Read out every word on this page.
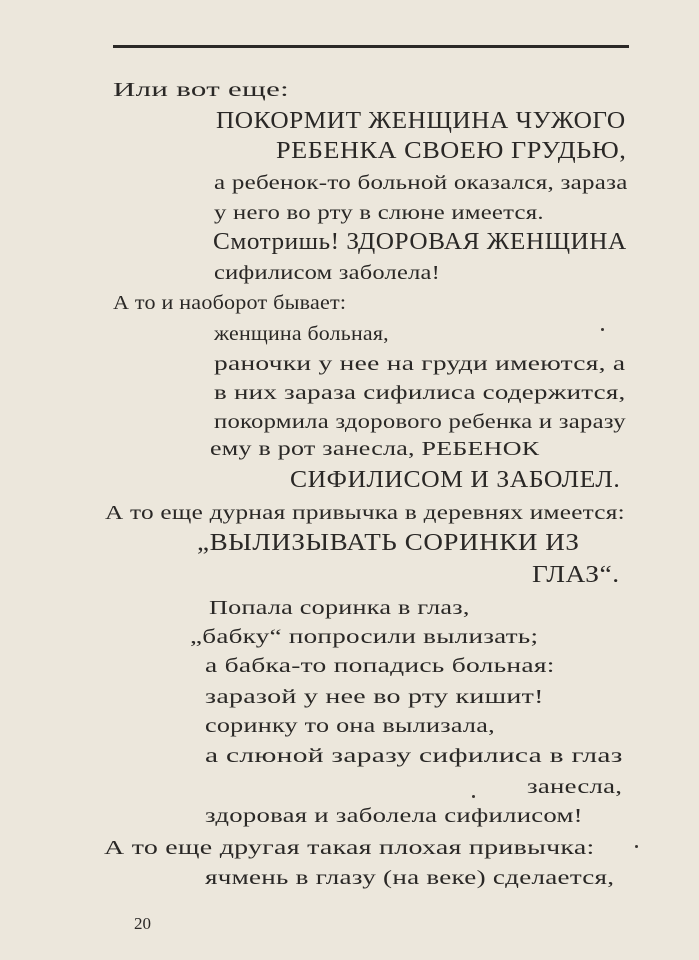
Или вот еще:
ПОКОРМИТ ЖЕНЩИНА ЧУЖОГО
РЕБЕНКА СВОЕЮ ГРУДЬЮ,
а ребенок-то больной оказался, зараза
у него во рту в слюне имеется.
Смотришь! ЗДОРОВАЯ ЖЕНЩИНА
сифилисом заболела!
А то и наоборот бывает:
женщина больная,
раночки у нее на груди имеются, а
в них зараза сифилиса содержится,
покормила здорового ребенка и заразу
ему в рот занесла, РЕБЕНОК
СИФИЛИСОМ И ЗАБОЛЕЛ.
А то еще дурная привычка в деревнях имеется:
„ВЫЛИЗЫВАТЬ СОРИНКИ ИЗ
ГЛАЗ“.
Попала соринка в глаз,
„бабку“ попросили вылизать;
а бабка-то попадись больная:
заразой у нее во рту кишит!
соринку то она вылизала,
а слюной заразу сифилиса в глаз
занесла,
здоровая и заболела сифилисом!
А то еще другая такая плохая привычка:
ячмень в глазу (на веке) сделается,
20
